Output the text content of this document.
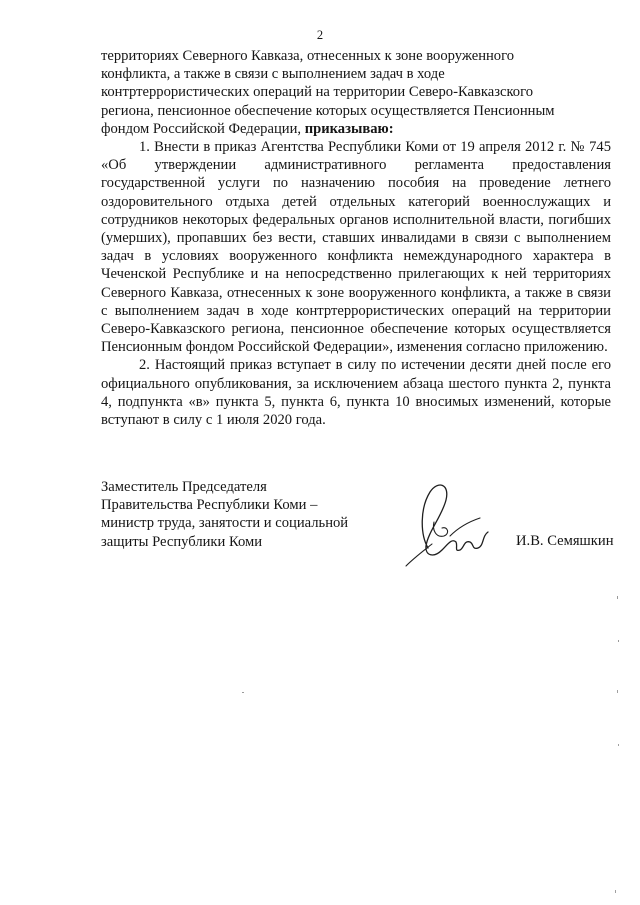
2

территориях Северного Кавказа, отнесенных к зоне вооруженного

конфликта, а также в связи с выполнением задач в ходе

контртеррористических операций на территории Северо-Кавказского

региона, пенсионное обеспечение которых осуществляется Пенсионным

фондом Российской Федерации, приказываю:

1. Внести в приказ Агентства Республики Коми от 19 апреля 2012 г. № 745 «Об утверждении административного регламента предоставления государственной услуги по назначению пособия на проведение летнего оздоровительного отдыха детей отдельных категорий военнослужащих и сотрудников некоторых федеральных органов исполнительной власти, погибших (умерших), пропавших без вести, ставших инвалидами в связи с выполнением задач в условиях вооруженного конфликта немеждународного характера в Чеченской Республике и на непосредственно прилегающих к ней территориях Северного Кавказа, отнесенных к зоне вооруженного конфликта, а также в связи с выполнением задач в ходе контртеррористических операций на территории Северо-Кавказского региона, пенсионное обеспечение которых осуществляется Пенсионным фондом Российской Федерации», изменения согласно приложению.

2. Настоящий приказ вступает в силу по истечении десяти дней после его официального опубликования, за исключением абзаца шестого пункта 2, пункта 4, подпункта «в» пункта 5, пункта 6, пункта 10 вносимых изменений, которые вступают в силу с 1 июля 2020 года.

Заместитель Председателя
Правительства Республики Коми –
министр труда, занятости и социальной
защиты Республики Коми	И.В. Семяшкин
